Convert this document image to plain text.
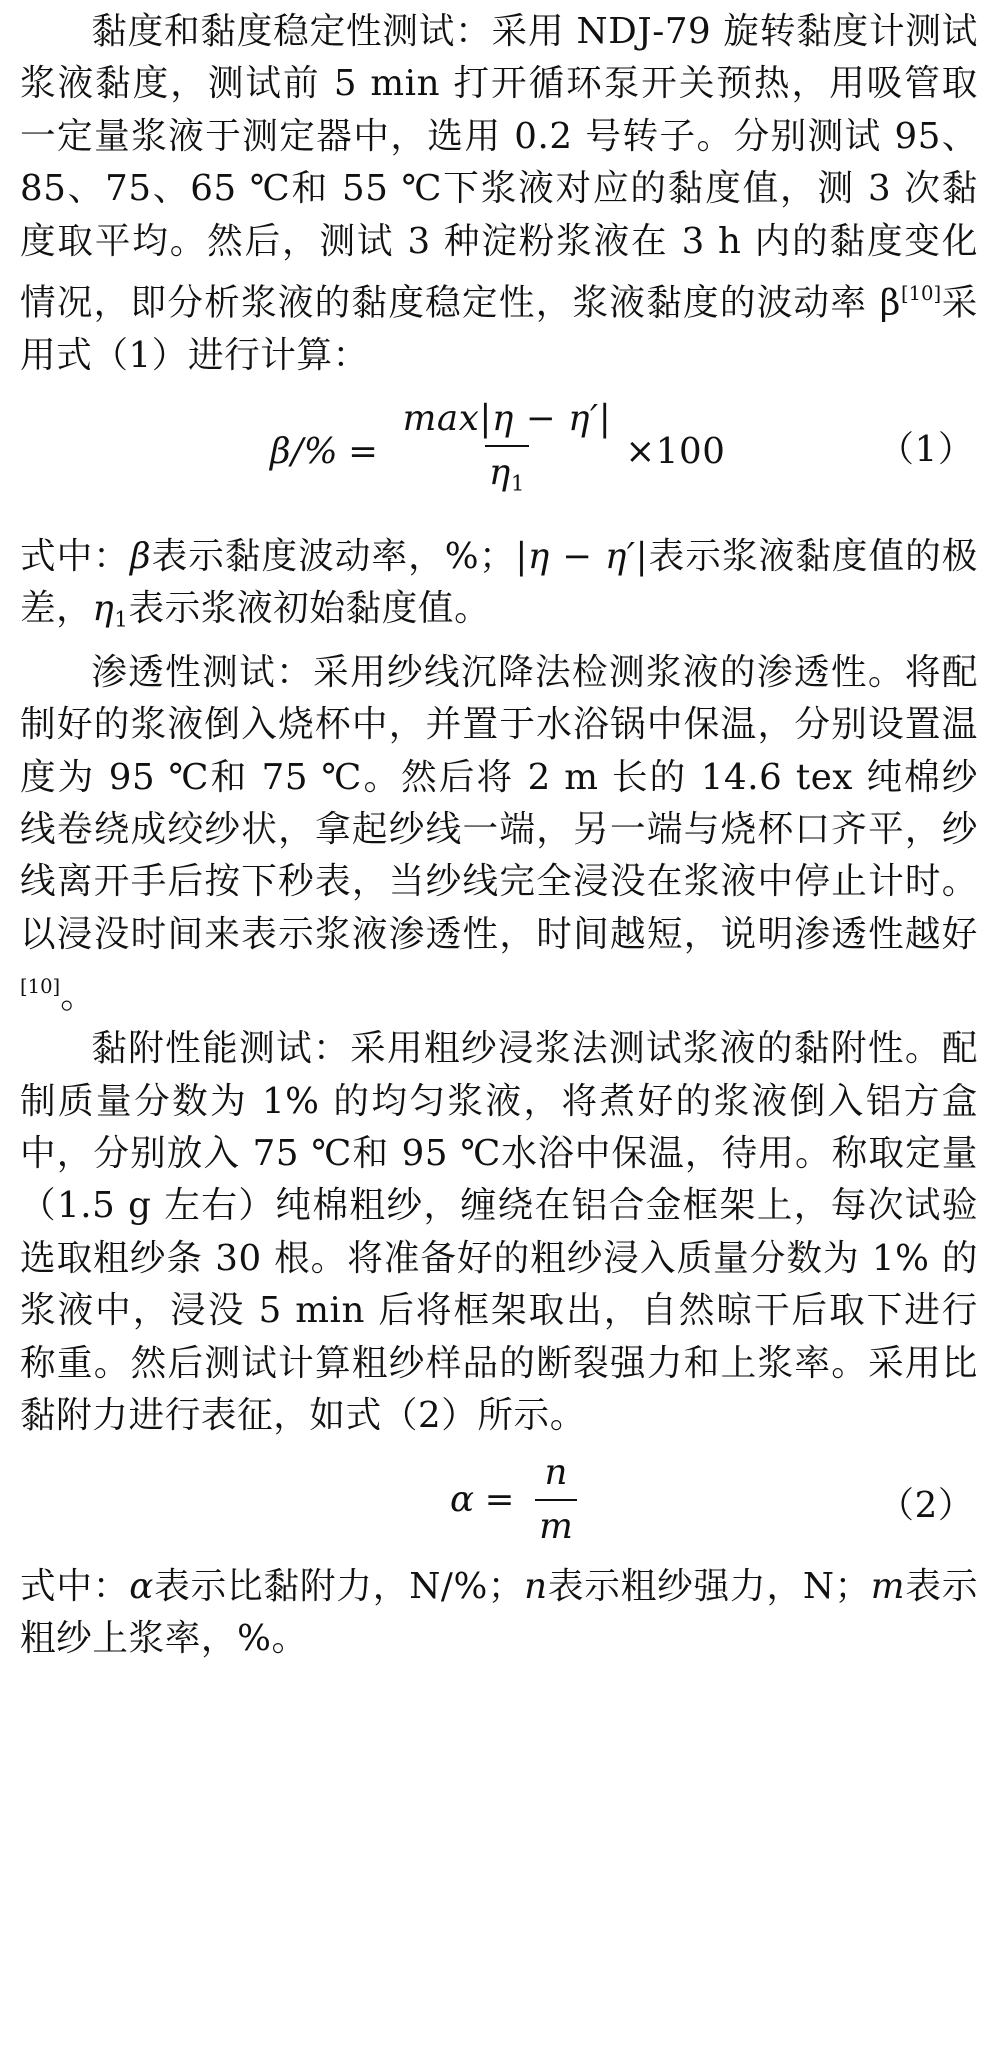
黏度和黏度稳定性测试：采用 NDJ-79 旋转黏度计测试浆液黏度，测试前 5 min 打开循环泵开关预热，用吸管取一定量浆液于测定器中，选用 0.2 号转子。分别测试 95、85、75、65 ℃和 55 ℃下浆液对应的黏度值，测 3 次黏度取平均。然后，测试 3 种淀粉浆液在 3 h 内的黏度变化情况，即分析浆液的黏度稳定性，浆液黏度的波动率 β[10]采用式（1）进行计算：

$\beta/\% = \frac{\max|\eta - \eta'|}{\eta_1} \times 100$	（1）

式中：β表示黏度波动率，%；|η − η′|表示浆液黏度值的极差，$\eta_1$表示浆液初始黏度值。

渗透性测试：采用纱线沉降法检测浆液的渗透性。将配制好的浆液倒入烧杯中，并置于水浴锅中保温，分别设置温度为 95 ℃和 75 ℃。然后将 2 m 长的 14.6 tex 纯棉纱线卷绕成绞纱状，拿起纱线一端，另一端与烧杯口齐平，纱线离开手后按下秒表，当纱线完全浸没在浆液中停止计时。以浸没时间来表示浆液渗透性，时间越短，说明渗透性越好[10]。

黏附性能测试：采用粗纱浸浆法测试浆液的黏附性。配制质量分数为 1% 的均匀浆液，将煮好的浆液倒入铝方盒中，分别放入 75 ℃和 95 ℃水浴中保温，待用。称取定量（1.5 g 左右）纯棉粗纱，缠绕在铝合金框架上，每次试验选取粗纱条 30 根。将准备好的粗纱浸入质量分数为 1% 的浆液中，浸没 5 min 后将框架取出，自然晾干后取下进行称重。然后测试计算粗纱样品的断裂强力和上浆率。采用比黏附力进行表征，如式（2）所示。

$\alpha = \frac{n}{m}$	（2）

式中：α表示比黏附力，N/%；n表示粗纱强力，N；m表示粗纱上浆率，%。
